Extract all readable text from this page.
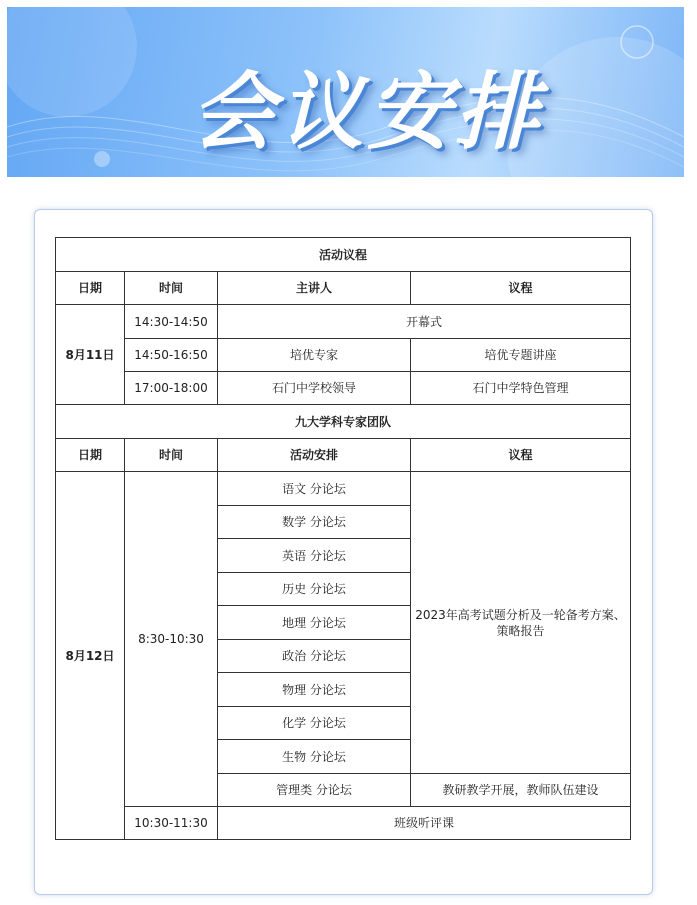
会议安排
活动议程			
日期	时间	主讲人	议程
8月11日	14:30-14:50	开幕式	
	14:50-16:50	培优专家	培优专题讲座
	17:00-18:00	石门中学校领导	石门中学特色管理
九大学科专家团队			
日期	时间	活动安排	议程
8月12日	8:30-10:30	语文 分论坛	2023年高考试题分析及一轮备考方案、策略报告
		数学 分论坛	
		英语 分论坛	
		历史 分论坛	
		地理 分论坛	
		政治 分论坛	
		物理 分论坛	
		化学 分论坛	
		生物 分论坛	
		管理类 分论坛	教研教学开展，教师队伍建设
	10:30-11:30	班级听评课	
